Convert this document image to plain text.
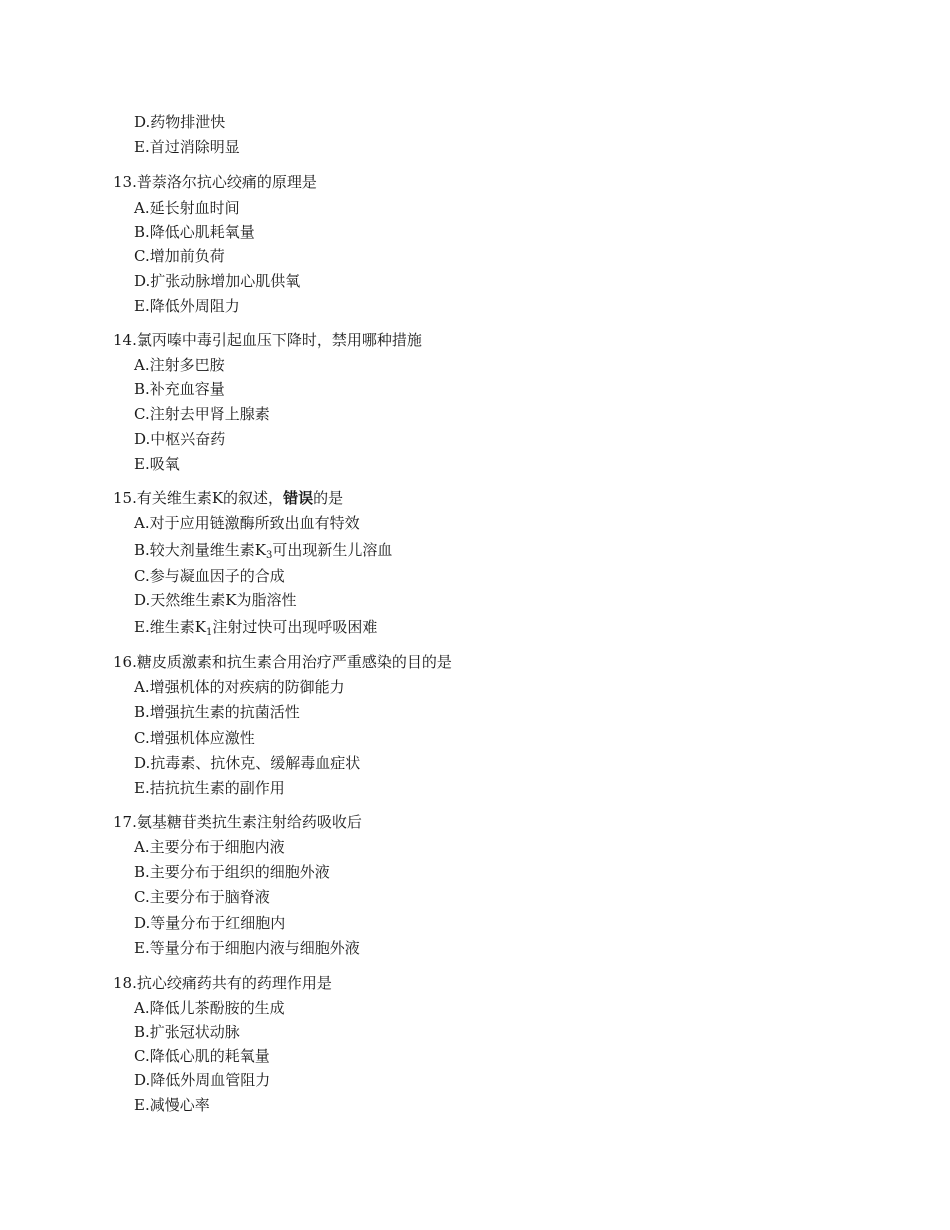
D.药物排泄快
E.首过消除明显
13.普萘洛尔抗心绞痛的原理是
A.延长射血时间
B.降低心肌耗氧量
C.增加前负荷
D.扩张动脉增加心肌供氧
E.降低外周阻力
14.氯丙嗪中毒引起血压下降时，禁用哪种措施
A.注射多巴胺
B.补充血容量
C.注射去甲肾上腺素
D.中枢兴奋药
E.吸氧
15.有关维生素K的叙述，错误的是
A.对于应用链激酶所致出血有特效
B.较大剂量维生素$K_3$可出现新生儿溶血
C.参与凝血因子的合成
D.天然维生素K为脂溶性
E.维生素$K_1$注射过快可出现呼吸困难
16.糖皮质激素和抗生素合用治疗严重感染的目的是
A.增强机体的对疾病的防御能力
B.增强抗生素的抗菌活性
C.增强机体应激性
D.抗毒素、抗休克、缓解毒血症状
E.拮抗抗生素的副作用
17.氨基糖苷类抗生素注射给药吸收后
A.主要分布于细胞内液
B.主要分布于组织的细胞外液
C.主要分布于脑脊液
D.等量分布于红细胞内
E.等量分布于细胞内液与细胞外液
18.抗心绞痛药共有的药理作用是
A.降低儿茶酚胺的生成
B.扩张冠状动脉
C.降低心肌的耗氧量
D.降低外周血管阻力
E.减慢心率
